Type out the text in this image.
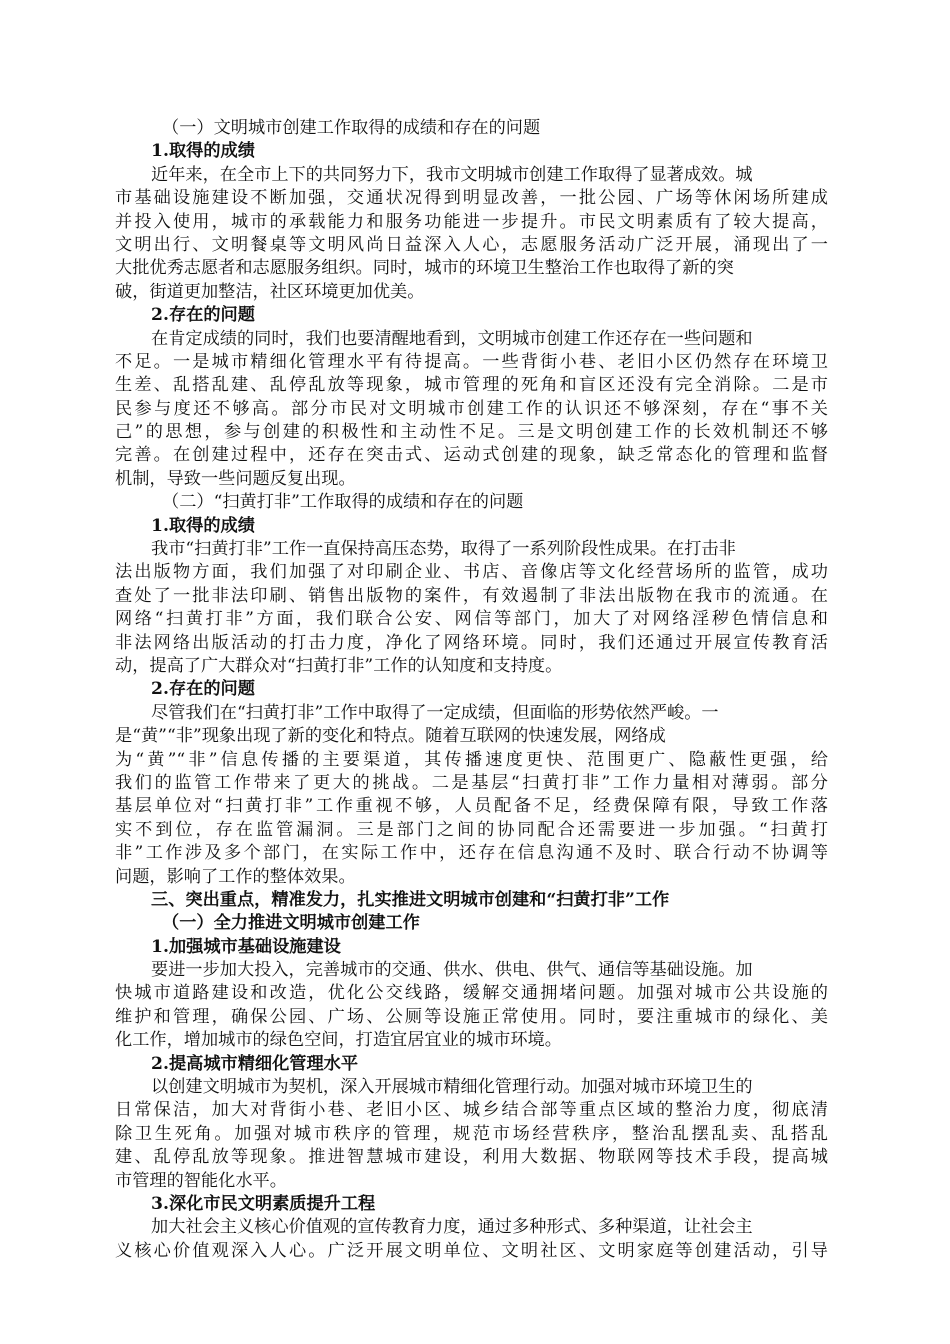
（一）文明城市创建工作取得的成绩和存在的问题
1.取得的成绩
近年来，在全市上下的共同努力下，我市文明城市创建工作取得了显著成效。城
市基础设施建设不断加强，交通状况得到明显改善，一批公园、广场等休闲场所建成
并投入使用，城市的承载能力和服务功能进一步提升。市民文明素质有了较大提高，
文明出行、文明餐桌等文明风尚日益深入人心，志愿服务活动广泛开展，涌现出了一
大批优秀志愿者和志愿服务组织。同时，城市的环境卫生整治工作也取得了新的突
破，街道更加整洁，社区环境更加优美。
2.存在的问题
在肯定成绩的同时，我们也要清醒地看到，文明城市创建工作还存在一些问题和
不足。一是城市精细化管理水平有待提高。一些背街小巷、老旧小区仍然存在环境卫
生差、乱搭乱建、乱停乱放等现象，城市管理的死角和盲区还没有完全消除。二是市
民参与度还不够高。部分市民对文明城市创建工作的认识还不够深刻，存在“事不关
己”的思想，参与创建的积极性和主动性不足。三是文明创建工作的长效机制还不够
完善。在创建过程中，还存在突击式、运动式创建的现象，缺乏常态化的管理和监督
机制，导致一些问题反复出现。
（二）“扫黄打非”工作取得的成绩和存在的问题
1.取得的成绩
我市“扫黄打非”工作一直保持高压态势，取得了一系列阶段性成果。在打击非
法出版物方面，我们加强了对印刷企业、书店、音像店等文化经营场所的监管，成功
查处了一批非法印刷、销售出版物的案件，有效遏制了非法出版物在我市的流通。在
网络“扫黄打非”方面，我们联合公安、网信等部门，加大了对网络淫秽色情信息和
非法网络出版活动的打击力度，净化了网络环境。同时，我们还通过开展宣传教育活
动，提高了广大群众对“扫黄打非”工作的认知度和支持度。
2.存在的问题
尽管我们在“扫黄打非”工作中取得了一定成绩，但面临的形势依然严峻。一
是“黄”“非”现象出现了新的变化和特点。随着互联网的快速发展，网络成
为“黄”“非”信息传播的主要渠道，其传播速度更快、范围更广、隐蔽性更强，给
我们的监管工作带来了更大的挑战。二是基层“扫黄打非”工作力量相对薄弱。部分
基层单位对“扫黄打非”工作重视不够，人员配备不足，经费保障有限，导致工作落
实不到位，存在监管漏洞。三是部门之间的协同配合还需要进一步加强。“扫黄打
非”工作涉及多个部门，在实际工作中，还存在信息沟通不及时、联合行动不协调等
问题，影响了工作的整体效果。
三、突出重点，精准发力，扎实推进文明城市创建和“扫黄打非”工作
（一）全力推进文明城市创建工作
1.加强城市基础设施建设
要进一步加大投入，完善城市的交通、供水、供电、供气、通信等基础设施。加
快城市道路建设和改造，优化公交线路，缓解交通拥堵问题。加强对城市公共设施的
维护和管理，确保公园、广场、公厕等设施正常使用。同时，要注重城市的绿化、美
化工作，增加城市的绿色空间，打造宜居宜业的城市环境。
2.提高城市精细化管理水平
以创建文明城市为契机，深入开展城市精细化管理行动。加强对城市环境卫生的
日常保洁，加大对背街小巷、老旧小区、城乡结合部等重点区域的整治力度，彻底清
除卫生死角。加强对城市秩序的管理，规范市场经营秩序，整治乱摆乱卖、乱搭乱
建、乱停乱放等现象。推进智慧城市建设，利用大数据、物联网等技术手段，提高城
市管理的智能化水平。
3.深化市民文明素质提升工程
加大社会主义核心价值观的宣传教育力度，通过多种形式、多种渠道，让社会主
义核心价值观深入人心。广泛开展文明单位、文明社区、文明家庭等创建活动，引导
